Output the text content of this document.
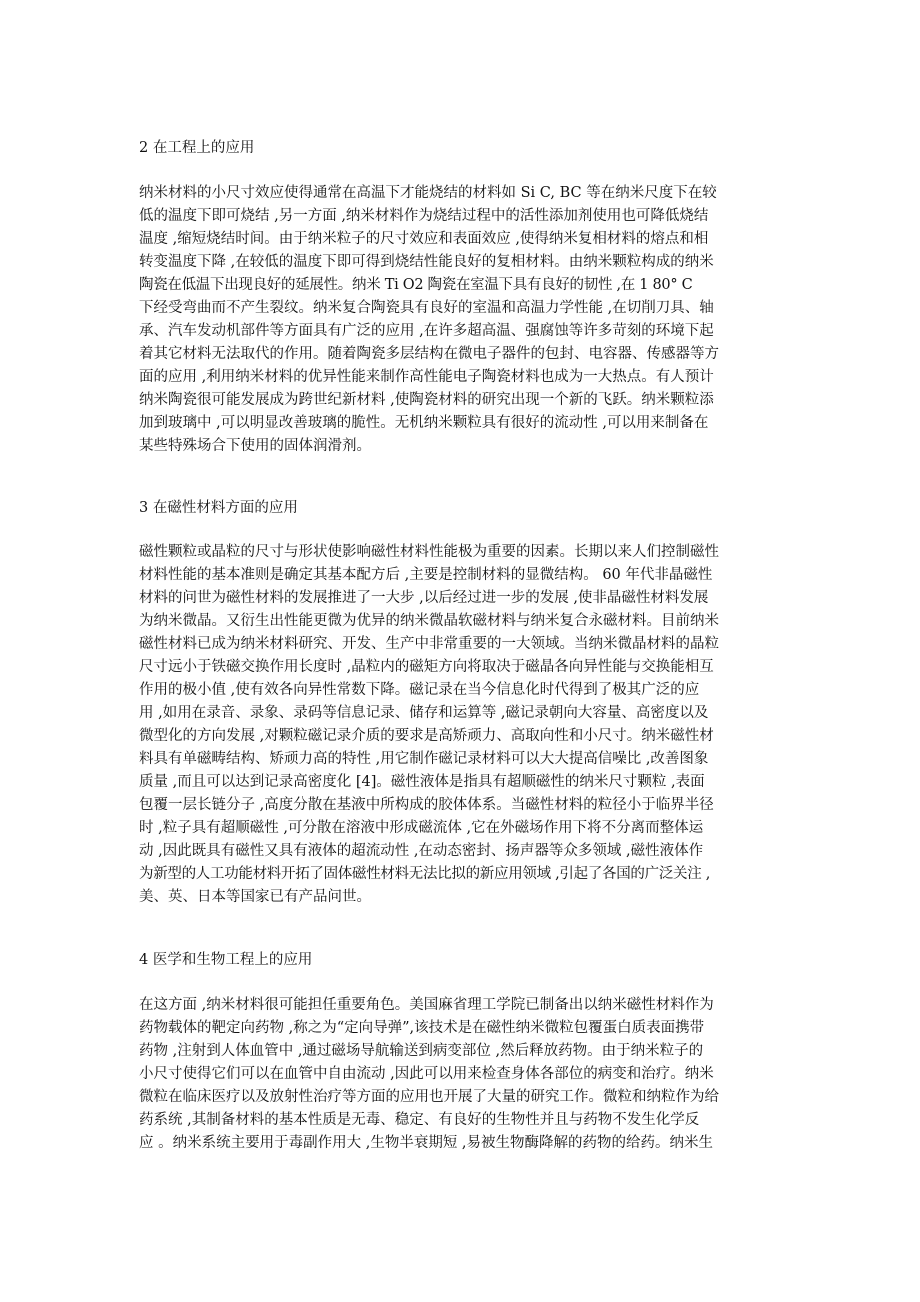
2 在工程上的应用
纳米材料的小尺寸效应使得通常在高温下才能烧结的材料如 Si C, BC 等在纳米尺度下在较
低的温度下即可烧结 ,另一方面 ,纳米材料作为烧结过程中的活性添加剂使用也可降低烧结
温度 ,缩短烧结时间。由于纳米粒子的尺寸效应和表面效应 ,使得纳米复相材料的熔点和相
转变温度下降 ,在较低的温度下即可得到烧结性能良好的复相材料。由纳米颗粒构成的纳米
陶瓷在低温下出现良好的延展性。纳米 Ti O2 陶瓷在室温下具有良好的韧性 ,在 1 80° C
下经受弯曲而不产生裂纹。纳米复合陶瓷具有良好的室温和高温力学性能 ,在切削刀具、轴
承、汽车发动机部件等方面具有广泛的应用 ,在许多超高温、强腐蚀等许多苛刻的环境下起
着其它材料无法取代的作用。随着陶瓷多层结构在微电子器件的包封、电容器、传感器等方
面的应用 ,利用纳米材料的优异性能来制作高性能电子陶瓷材料也成为一大热点。有人预计
纳米陶瓷很可能发展成为跨世纪新材料 ,使陶瓷材料的研究出现一个新的飞跃。纳米颗粒添
加到玻璃中 ,可以明显改善玻璃的脆性。无机纳米颗粒具有很好的流动性 ,可以用来制备在
某些特殊场合下使用的固体润滑剂。
3 在磁性材料方面的应用
磁性颗粒或晶粒的尺寸与形状使影响磁性材料性能极为重要的因素。长期以来人们控制磁性
材料性能的基本准则是确定其基本配方后 ,主要是控制材料的显微结构。 60 年代非晶磁性
材料的问世为磁性材料的发展推进了一大步 ,以后经过进一步的发展 ,使非晶磁性材料发展
为纳米微晶。又衍生出性能更微为优异的纳米微晶软磁材料与纳米复合永磁材料。目前纳米
磁性材料已成为纳米材料研究、开发、生产中非常重要的一大领域。当纳米微晶材料的晶粒
尺寸远小于铁磁交换作用长度时 ,晶粒内的磁矩方向将取决于磁晶各向异性能与交换能相互
作用的极小值 ,使有效各向异性常数下降。磁记录在当今信息化时代得到了极其广泛的应
用 ,如用在录音、录象、录码等信息记录、储存和运算等 ,磁记录朝向大容量、高密度以及
微型化的方向发展 ,对颗粒磁记录介质的要求是高矫顽力、高取向性和小尺寸。纳米磁性材
料具有单磁畴结构、矫顽力高的特性 ,用它制作磁记录材料可以大大提高信噪比 ,改善图象
质量 ,而且可以达到记录高密度化 [4]。磁性液体是指具有超顺磁性的纳米尺寸颗粒 ,表面
包覆一层长链分子 ,高度分散在基液中所构成的胶体体系。当磁性材料的粒径小于临界半径
时 ,粒子具有超顺磁性 ,可分散在溶液中形成磁流体 ,它在外磁场作用下将不分离而整体运
动 ,因此既具有磁性又具有液体的超流动性 ,在动态密封、扬声器等众多领域 ,磁性液体作
为新型的人工功能材料开拓了固体磁性材料无法比拟的新应用领域 ,引起了各国的广泛关注 ,
美、英、日本等国家已有产品问世。
4 医学和生物工程上的应用
在这方面 ,纳米材料很可能担任重要角色。美国麻省理工学院已制备出以纳米磁性材料作为
药物载体的靶定向药物 ,称之为“定向导弹”,该技术是在磁性纳米微粒包覆蛋白质表面携带
药物 ,注射到人体血管中 ,通过磁场导航输送到病变部位 ,然后释放药物。由于纳米粒子的
小尺寸使得它们可以在血管中自由流动 ,因此可以用来检查身体各部位的病变和治疗。纳米
微粒在临床医疗以及放射性治疗等方面的应用也开展了大量的研究工作。微粒和纳粒作为给
药系统 ,其制备材料的基本性质是无毒、稳定、有良好的生物性并且与药物不发生化学反
应 。纳米系统主要用于毒副作用大 ,生物半衰期短 ,易被生物酶降解的药物的给药。纳米生
